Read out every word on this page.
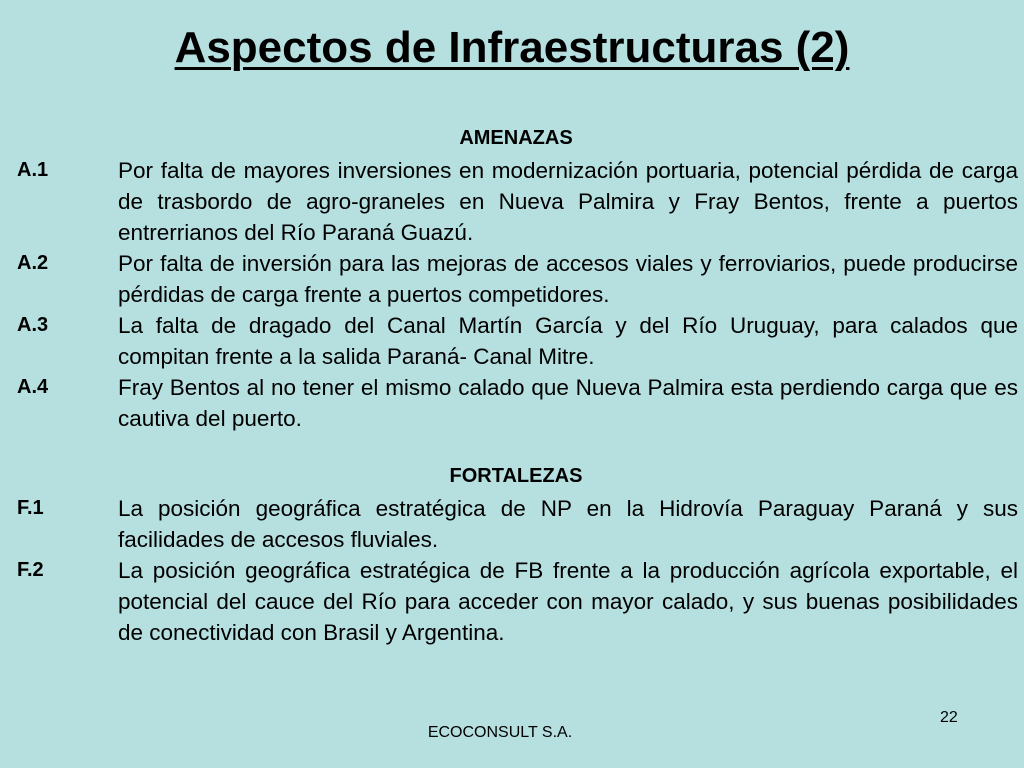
Aspectos de Infraestructuras (2)
AMENAZAS
A.1	Por falta de mayores inversiones en modernización portuaria, potencial pérdida de carga de trasbordo de agro-graneles en Nueva Palmira y Fray Bentos, frente a puertos entrerrianos del Río Paraná Guazú.
A.2	Por falta de inversión para las mejoras de accesos viales y ferroviarios, puede producirse pérdidas de carga frente a puertos competidores.
A.3	La falta de dragado del Canal Martín García y del Río Uruguay, para calados que compitan frente a la salida Paraná- Canal Mitre.
A.4	Fray Bentos al no tener el mismo calado que Nueva Palmira esta perdiendo carga que es cautiva del puerto.
FORTALEZAS
F.1	La posición geográfica estratégica de NP en la Hidrovía Paraguay Paraná y sus facilidades de accesos fluviales.
F.2	La posición geográfica estratégica de FB frente a la producción agrícola exportable, el potencial del cauce del Río para acceder con mayor calado, y sus buenas posibilidades de conectividad con Brasil y Argentina.
22
ECOCONSULT S.A.
